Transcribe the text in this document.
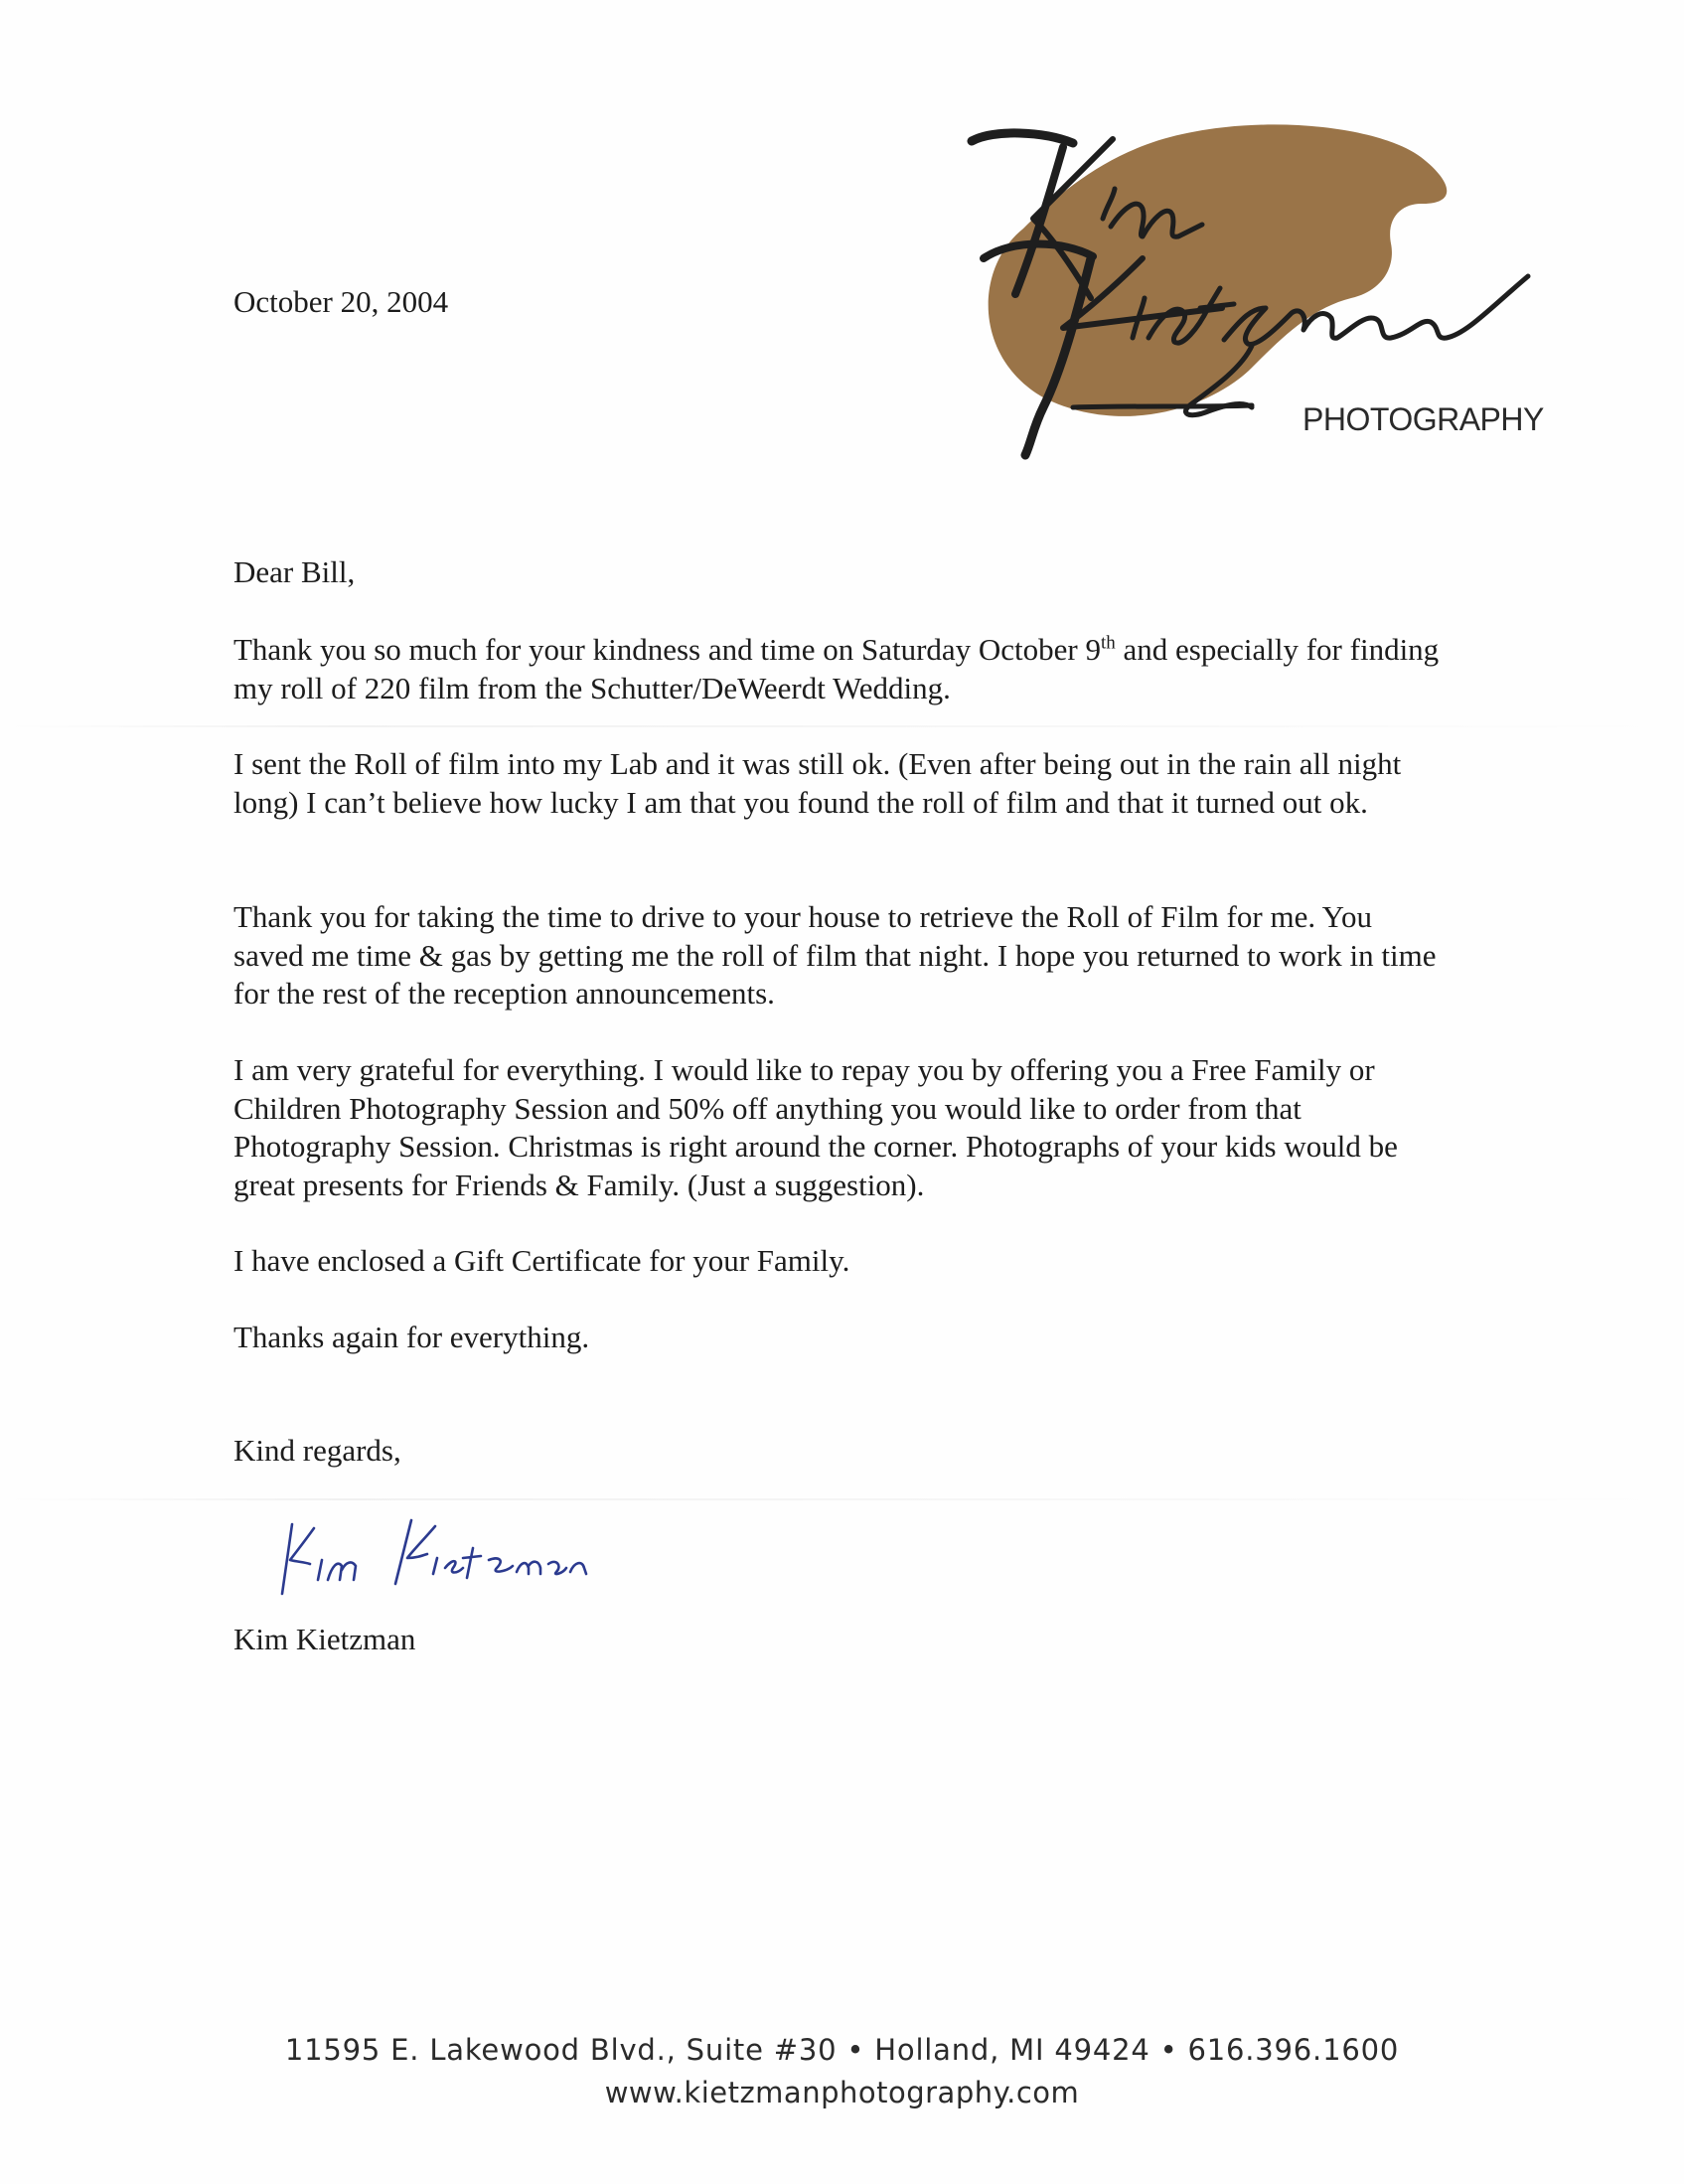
PHOTOGRAPHY
October 20, 2004
Dear Bill,

Thank you so much for your kindness and time on Saturday October 9th and especially for finding my roll of 220 film from the Schutter/DeWeerdt Wedding.

I sent the Roll of film into my Lab and it was still ok. (Even after being out in the rain all night long) I can’t believe how lucky I am that you found the roll of film and that it turned out ok.

Thank you for taking the time to drive to your house to retrieve the Roll of Film for me. You saved me time & gas by getting me the roll of film that night. I hope you returned to work in time for the rest of the reception announcements.

I am very grateful for everything. I would like to repay you by offering you a Free Family or Children Photography Session and 50% off anything you would like to order from that Photography Session. Christmas is right around the corner. Photographs of your kids would be great presents for Friends & Family. (Just a suggestion).

I have enclosed a Gift Certificate for your Family.

Thanks again for everything.

Kind regards,
Kim Kietzman
11595 E. Lakewood Blvd., Suite #30 • Holland, MI 49424 • 616.396.1600
www.kietzmanphotography.com
